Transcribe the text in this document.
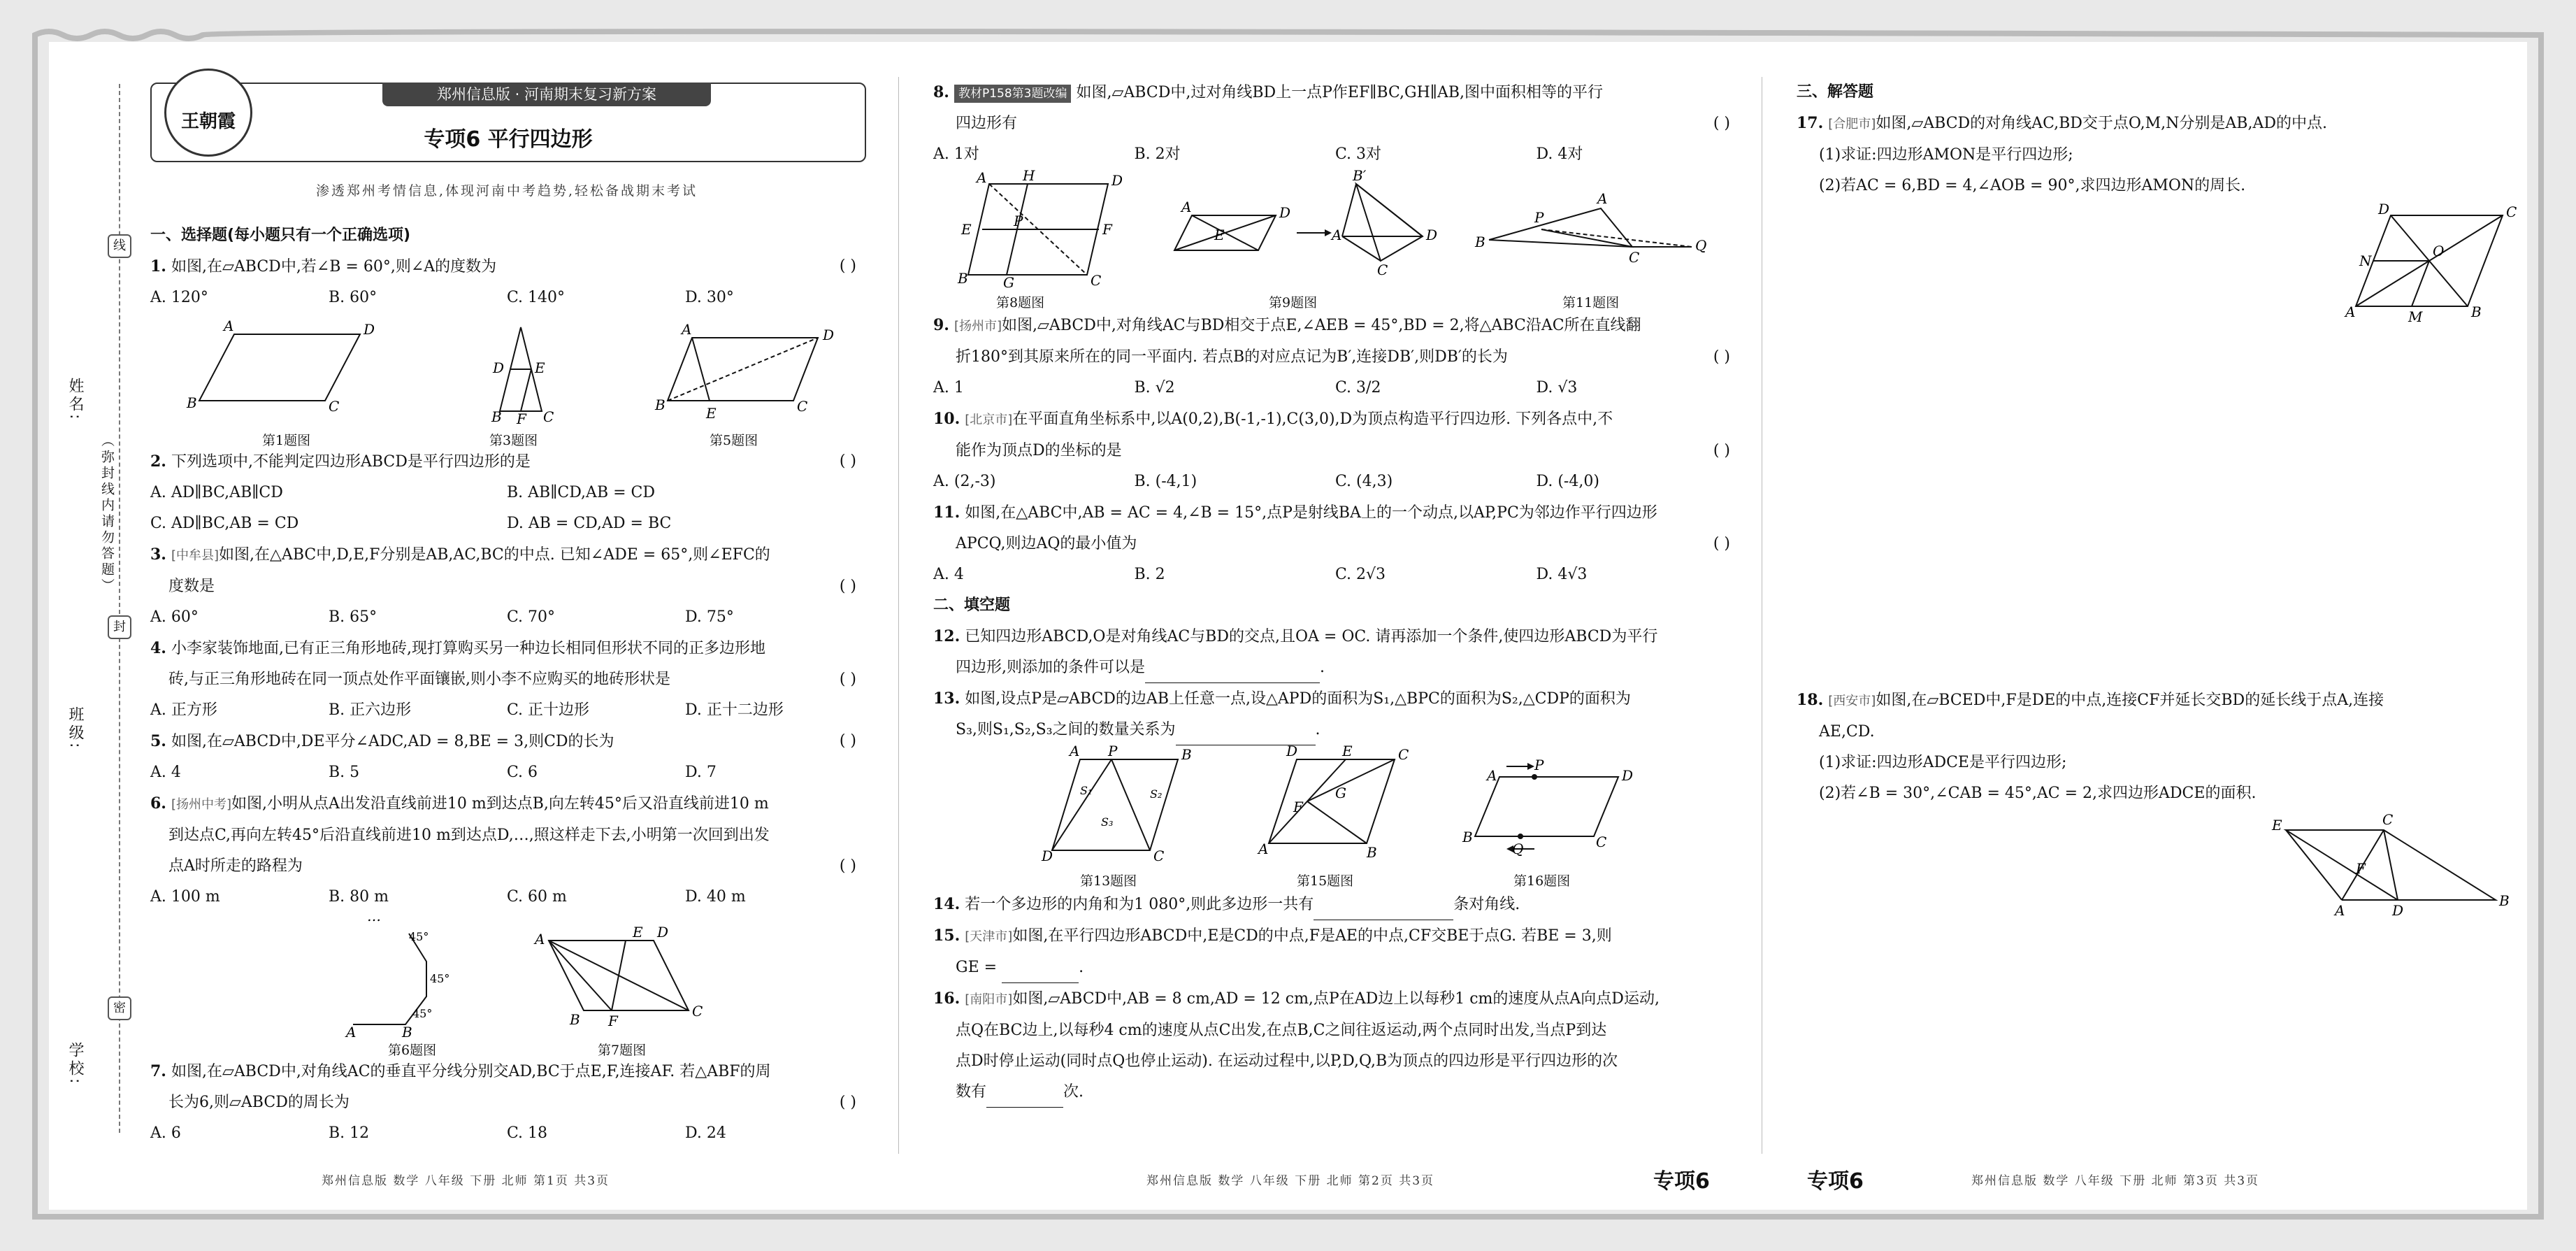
姓名:
班级:
学校:
（弥封线内请勿答题）
线
封
密
郑州信息版 · 河南期末复习新方案
专项6 平行四边形
王朝霞
渗透郑州考情信息,体现河南中考趋势,轻松备战期末考试
一、选择题(每小题只有一个正确选项)
1. 如图,在▱ABCD中,若∠B = 60°,则∠A的度数为	( )
A. 120°	B. 60°	C. 140°	D. 30°
A	D
B	C
D E
B F C
A	D
B	E	C
第1题图	第3题图	第5题图
2. 下列选项中,不能判定四边形ABCD是平行四边形的是	( )
A. AD∥BC,AB∥CD	B. AB∥CD,AB = CD
C. AD∥BC,AB = CD	D. AB = CD,AD = BC
3. [中牟县]如图,在△ABC中,D,E,F分别是AB,AC,BC的中点. 已知∠ADE = 65°,则∠EFC的
度数是	( )
A. 60°	B. 65°	C. 70°	D. 75°
4. 小李家装饰地面,已有正三角形地砖,现打算购买另一种边长相同但形状不同的正多边形地
砖,与正三角形地砖在同一顶点处作平面镶嵌,则小李不应购买的地砖形状是	( )
A. 正方形	B. 正六边形	C. 正十边形	D. 正十二边形
5. 如图,在▱ABCD中,DE平分∠ADC,AD = 8,BE = 3,则CD的长为	( )
A. 4	B. 5	C. 6	D. 7
6. [扬州中考]如图,小明从点A出发沿直线前进10 m到达点B,向左转45°后又沿直线前进10 m
到达点C,再向左转45°后沿直线前进10 m到达点D,…,照这样走下去,小明第一次回到出发
点A时所走的路程为	( )
A. 100 m	B. 80 m	C. 60 m	D. 40 m
…
45°
45°
45°
A	B
A	E D
B F
C
第6题图	第7题图
7. 如图,在▱ABCD中,对角线AC的垂直平分线分别交AD,BC于点E,F,连接AF. 若△ABF的周
长为6,则▱ABCD的周长为	( )
A. 6	B. 12	C. 18	D. 24
8. 教材P158第3题改编 如图,▱ABCD中,过对角线BD上一点P作EF∥BC,GH∥AB,图中面积相等的平行
四边形有	( )
A. 1对	B. 2对	C. 3对	D. 4对
A	H	D
E	P	F
B	G	C
A	D
E
B′
A	D
C
B
P
A
C
Q
第8题图	第9题图	第11题图
9. [扬州市]如图,▱ABCD中,对角线AC与BD相交于点E,∠AEB = 45°,BD = 2,将△ABC沿AC所在直线翻
折180°到其原来所在的同一平面内. 若点B的对应点记为B′,连接DB′,则DB′的长为	( )
A. 1	B. √2	C. 3/2	D. √3
10. [北京市]在平面直角坐标系中,以A(0,2),B(-1,-1),C(3,0),D为顶点构造平行四边形. 下列各点中,不
能作为顶点D的坐标的是	( )
A. (2,-3)	B. (-4,1)	C. (4,3)	D. (-4,0)
11. 如图,在△ABC中,AB = AC = 4,∠B = 15°,点P是射线BA上的一个动点,以AP,PC为邻边作平行四边形
APCQ,则边AQ的最小值为	( )
A. 4	B. 2	C. 2√3	D. 4√3
二、填空题
12. 已知四边形ABCD,O是对角线AC与BD的交点,且OA = OC. 请再添加一个条件,使四边形ABCD为平行
四边形,则添加的条件可以是	.
13. 如图,设点P是▱ABCD的边AB上任意一点,设△APD的面积为S₁,△BPC的面积为S₂,△CDP的面积为
S₃,则S₁,S₂,S₃之间的数量关系为	.
A P	B
S₁	S₂
S₃
D	C
D	E	C
F
G
A	B
A
P
D
B
Q	C
第13题图	第15题图	第16题图
14. 若一个多边形的内角和为1 080°,则此多边形一共有	条对角线.
15. [天津市]如图,在平行四边形ABCD中,E是CD的中点,F是AE的中点,CF交BE于点G. 若BE = 3,则
GE =	.
16. [南阳市]如图,▱ABCD中,AB = 8 cm,AD = 12 cm,点P在AD边上以每秒1 cm的速度从点A向点D运动,
点Q在BC边上,以每秒4 cm的速度从点C出发,在点B,C之间往返运动,两个点同时出发,当点P到达
点D时停止运动(同时点Q也停止运动). 在运动过程中,以P,D,Q,B为顶点的四边形是平行四边形的次
数有	次.
三、解答题
17. [合肥市]如图,▱ABCD的对角线AC,BD交于点O,M,N分别是AB,AD的中点.
(1)求证:四边形AMON是平行四边形;
(2)若AC = 6,BD = 4,∠AOB = 90°,求四边形AMON的周长.
D	C
N
O
A	M	B
18. [西安市]如图,在▱BCED中,F是DE的中点,连接CF并延长交BD的延长线于点A,连接
AE,CD.
(1)求证:四边形ADCE是平行四边形;
(2)若∠B = 30°,∠CAB = 45°,AC = 2,求四边形ADCE的面积.
E	C
F
A	D
B
郑州信息版 数学 八年级 下册 北师 第1页 共3页	郑州信息版 数学 八年级 下册 北师 第2页 共3页	专项6	专项6	郑州信息版 数学 八年级 下册 北师 第3页 共3页
